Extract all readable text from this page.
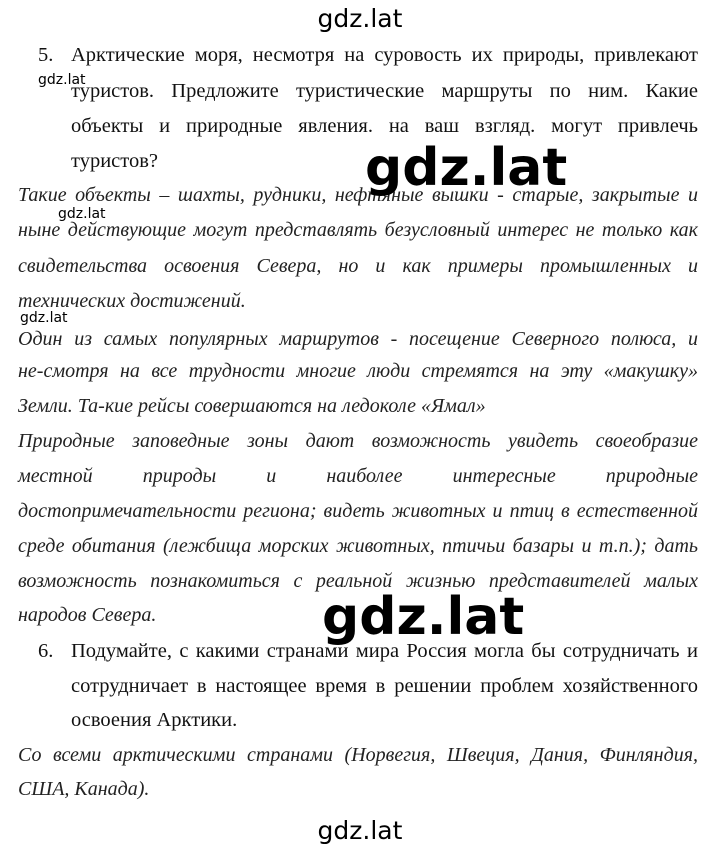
gdz.lat
gdz.lat
5. Арктические моря, несмотря на суровость их природы, привлекают
туристов. Предложите туристические маршруты по ним. Какие
объекты и природные явления. на ваш взгляд. могут привлечь
туристов?
Такие объекты – шахты, рудники, нефтяные вышки - старые, закрытые и
ныне действующие могут представлять безусловный интерес не только как
свидетельства освоения Севера, но и как примеры промышленных и
технических достижений.
Один из самых популярных маршрутов - посещение Северного полюса, и
не-смотря на все трудности многие люди стремятся на эту «макушку»
Земли. Та-кие рейсы совершаются на ледоколе «Ямал»
Природные заповедные зоны дают возможность увидеть своеобразие
местной природы и наиболее интересные природные
достопримечательности региона; видеть животных и птиц в естественной
среде обитания (лежбища морских животных, птичьи базары и т.п.); дать
возможность познакомиться с реальной жизнью представителей малых
народов Севера.
6. Подумайте, с какими странами мира Россия могла бы сотрудничать и
сотрудничает в настоящее время в решении проблем хозяйственного
освоения Арктики.
Со всеми арктическими странами (Норвегия, Швеция, Дания, Финляндия,
США, Канада).
gdz.lat
gdz.lat
gdz.lat
gdz.lat
gdz.lat
